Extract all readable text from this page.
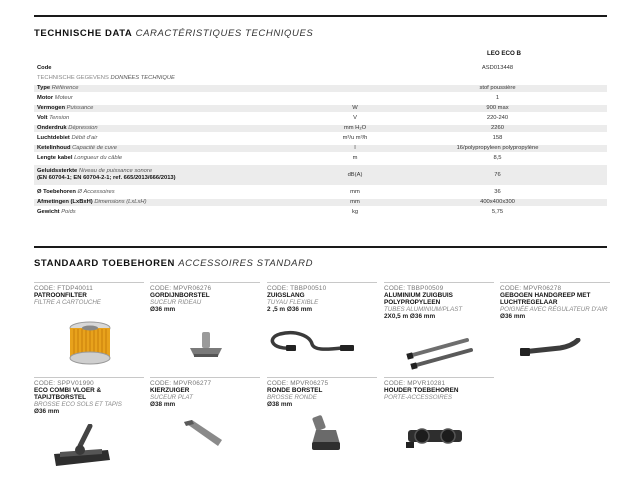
TECHNISCHE DATA CARACTÉRISTIQUES TECHNIQUES
LEO ECO B
Code	ASD013448
TECHNISCHE GEGEVENS DONNÉES TECHNIQUE
Type Référence	stof poussière
Motor Moteur	1
Vermogen Puissance	W	900 max
Volt Tension	V	220-240
Onderdruk Dépression	mm H₂O	2260
Luchtdebiet Débit d'air	m³/u m³/h	158
Ketelinhoud Capacité de cuve	l	16/polypropyleen polypropylène
Lengte kabel Longueur du câble	m	8,5
Geluidssterkte Niveau de puissance sonore
(EN 60704-1; EN 60704-2-1; ref. 665/2013/666/2013)
dB(A)	76
Ø Toebehoren Ø Accessoires	mm	36
Afmetingen (LxBxH) Dimensions (LxLxH)	mm	400x400x300
Gewicht Poids	kg	5,75
STANDAARD TOEBEHOREN ACCESSOIRES STANDARD
CODE: FTDP40011
PATROONFILTER
FILTRE A CARTOUCHE
CODE: MPVR06276
GORDIJNBORSTEL
SUCEUR RIDEAU
Ø36 mm
CODE: TBBP00510
ZUIGSLANG
TUYAU FLEXIBLE
2 ,5 m Ø36 mm
CODE: TBBP00509
ALUMINIUM ZUIGBUIS POLYPROPYLEEN
TUBES ALUMINIUM/PLAST
2X0,5 m Ø36 mm
CODE: MPVR06278
GEBOGEN HANDGREEP MET LUCHTREGELAAR
POIGNÉE AVEC RÉGULATEUR D'AIR
Ø36 mm
CODE: SPPV01990
ECO COMBI VLOER & TAPIJTBORSTEL
BROSSE ECO SOLS ET TAPIS
Ø36 mm
CODE: MPVR06277
KIERZUIGER
SUCEUR PLAT
Ø38 mm
CODE: MPVR06275
RONDE BORSTEL
BROSSE RONDE
Ø38 mm
CODE: MPVR10281
HOUDER TOEBEHOREN
PORTE-ACCESSOIRES
